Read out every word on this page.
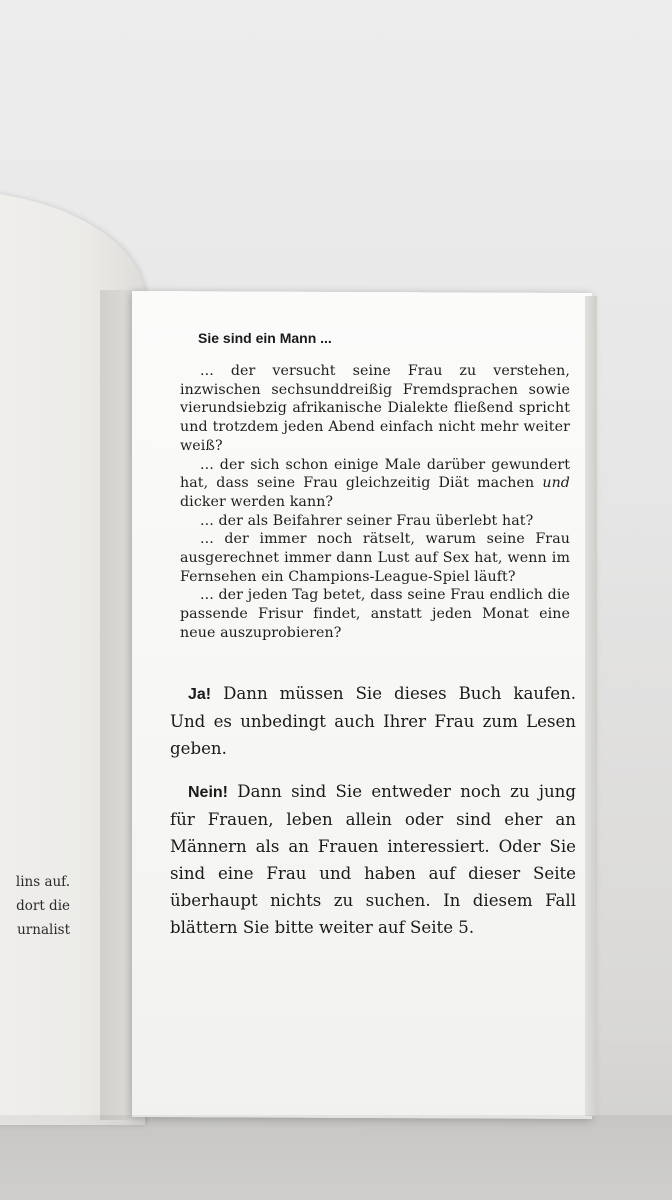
lins auf.
dort die
urnalist
Sie sind ein Mann ...

... der versucht seine Frau zu verstehen, inzwischen sechsunddreißig Fremdsprachen sowie vierundsiebzig afrikanische Dialekte fließend spricht und trotzdem jeden Abend einfach nicht mehr weiter weiß?

... der sich schon einige Male darüber gewundert hat, dass seine Frau gleichzeitig Diät machen und dicker werden kann?

... der als Beifahrer seiner Frau überlebt hat?

... der immer noch rätselt, warum seine Frau ausgerechnet immer dann Lust auf Sex hat, wenn im Fernsehen ein Champions-League-Spiel läuft?

... der jeden Tag betet, dass seine Frau endlich die passende Frisur findet, anstatt jeden Monat eine neue auszuprobieren?

Ja! Dann müssen Sie dieses Buch kaufen. Und es unbedingt auch Ihrer Frau zum Lesen geben.

Nein! Dann sind Sie entweder noch zu jung für Frauen, leben allein oder sind eher an Männern als an Frauen interessiert. Oder Sie sind eine Frau und haben auf dieser Seite überhaupt nichts zu suchen. In diesem Fall blättern Sie bitte weiter auf Seite 5.
